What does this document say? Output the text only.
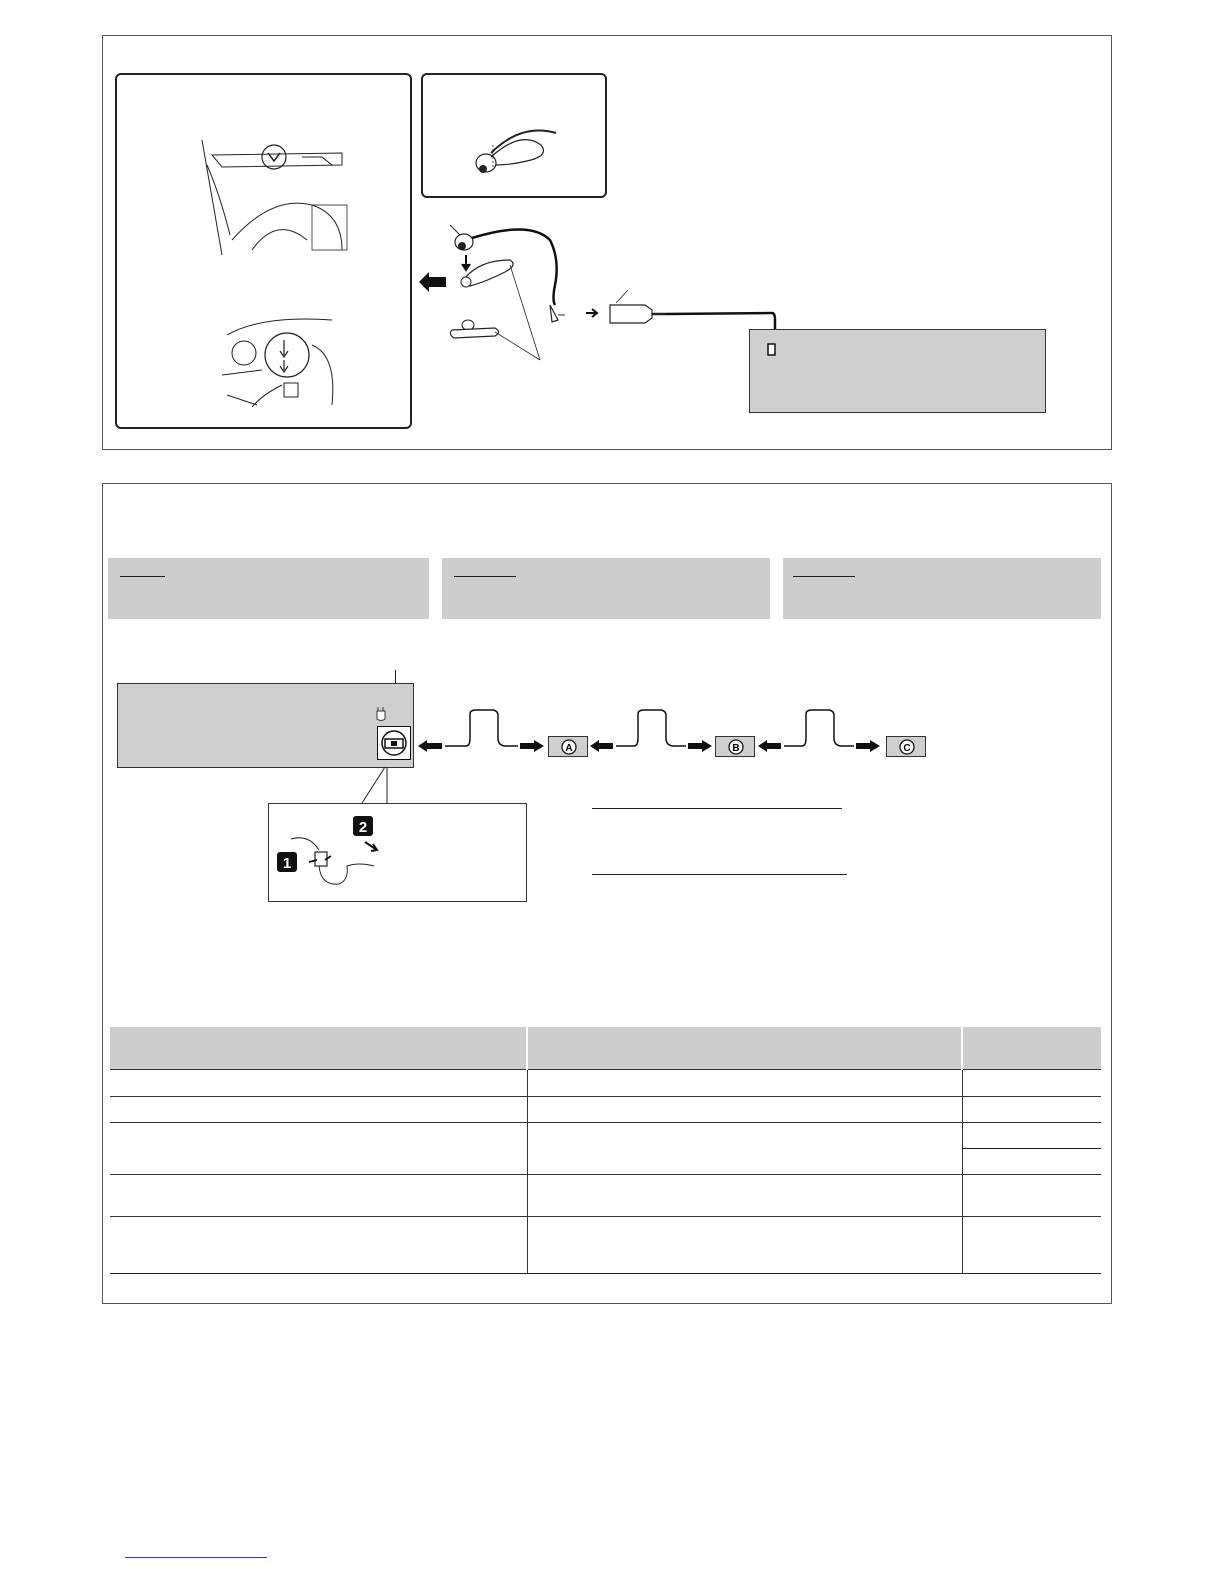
A	B	C
1
2
